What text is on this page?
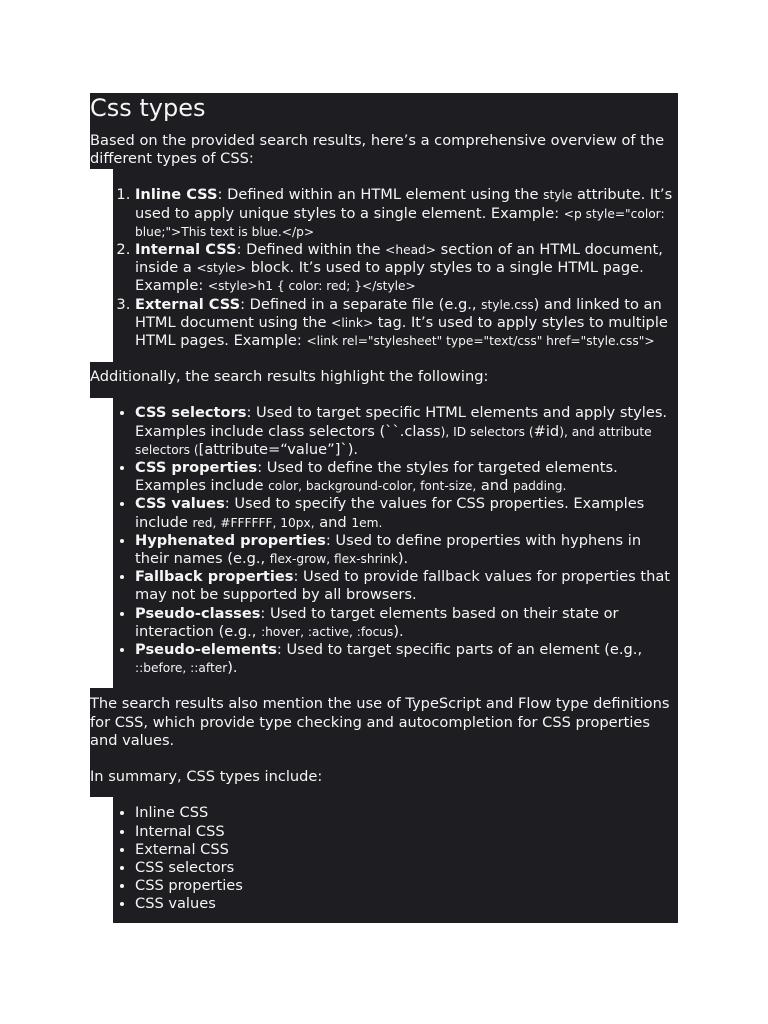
Css types

Based on the provided search results, here’s a comprehensive overview of the different types of CSS:

1. Inline CSS: Defined within an HTML element using the style attribute. It’s used to apply unique styles to a single element. Example: <p style="color: blue;">This text is blue.</p>
2. Internal CSS: Defined within the <head> section of an HTML document, inside a <style> block. It’s used to apply styles to a single HTML page. Example: <style>h1 { color: red; }</style>
3. External CSS: Defined in a separate file (e.g., style.css) and linked to an HTML document using the <link> tag. It’s used to apply styles to multiple HTML pages. Example: <link rel="stylesheet" type="text/css" href="style.css">

Additionally, the search results highlight the following:

• CSS selectors: Used to target specific HTML elements and apply styles. Examples include class selectors (``.class), ID selectors (#id), and attribute selectors ([attribute=“value”]`).
• CSS properties: Used to define the styles for targeted elements. Examples include color, background-color, font-size, and padding.
• CSS values: Used to specify the values for CSS properties. Examples include red, #FFFFFF, 10px, and 1em.
• Hyphenated properties: Used to define properties with hyphens in their names (e.g., flex-grow, flex-shrink).
• Fallback properties: Used to provide fallback values for properties that may not be supported by all browsers.
• Pseudo-classes: Used to target elements based on their state or interaction (e.g., :hover, :active, :focus).
• Pseudo-elements: Used to target specific parts of an element (e.g., ::before, ::after).

The search results also mention the use of TypeScript and Flow type definitions for CSS, which provide type checking and autocompletion for CSS properties and values.

In summary, CSS types include:

• Inline CSS
• Internal CSS
• External CSS
• CSS selectors
• CSS properties
• CSS values
